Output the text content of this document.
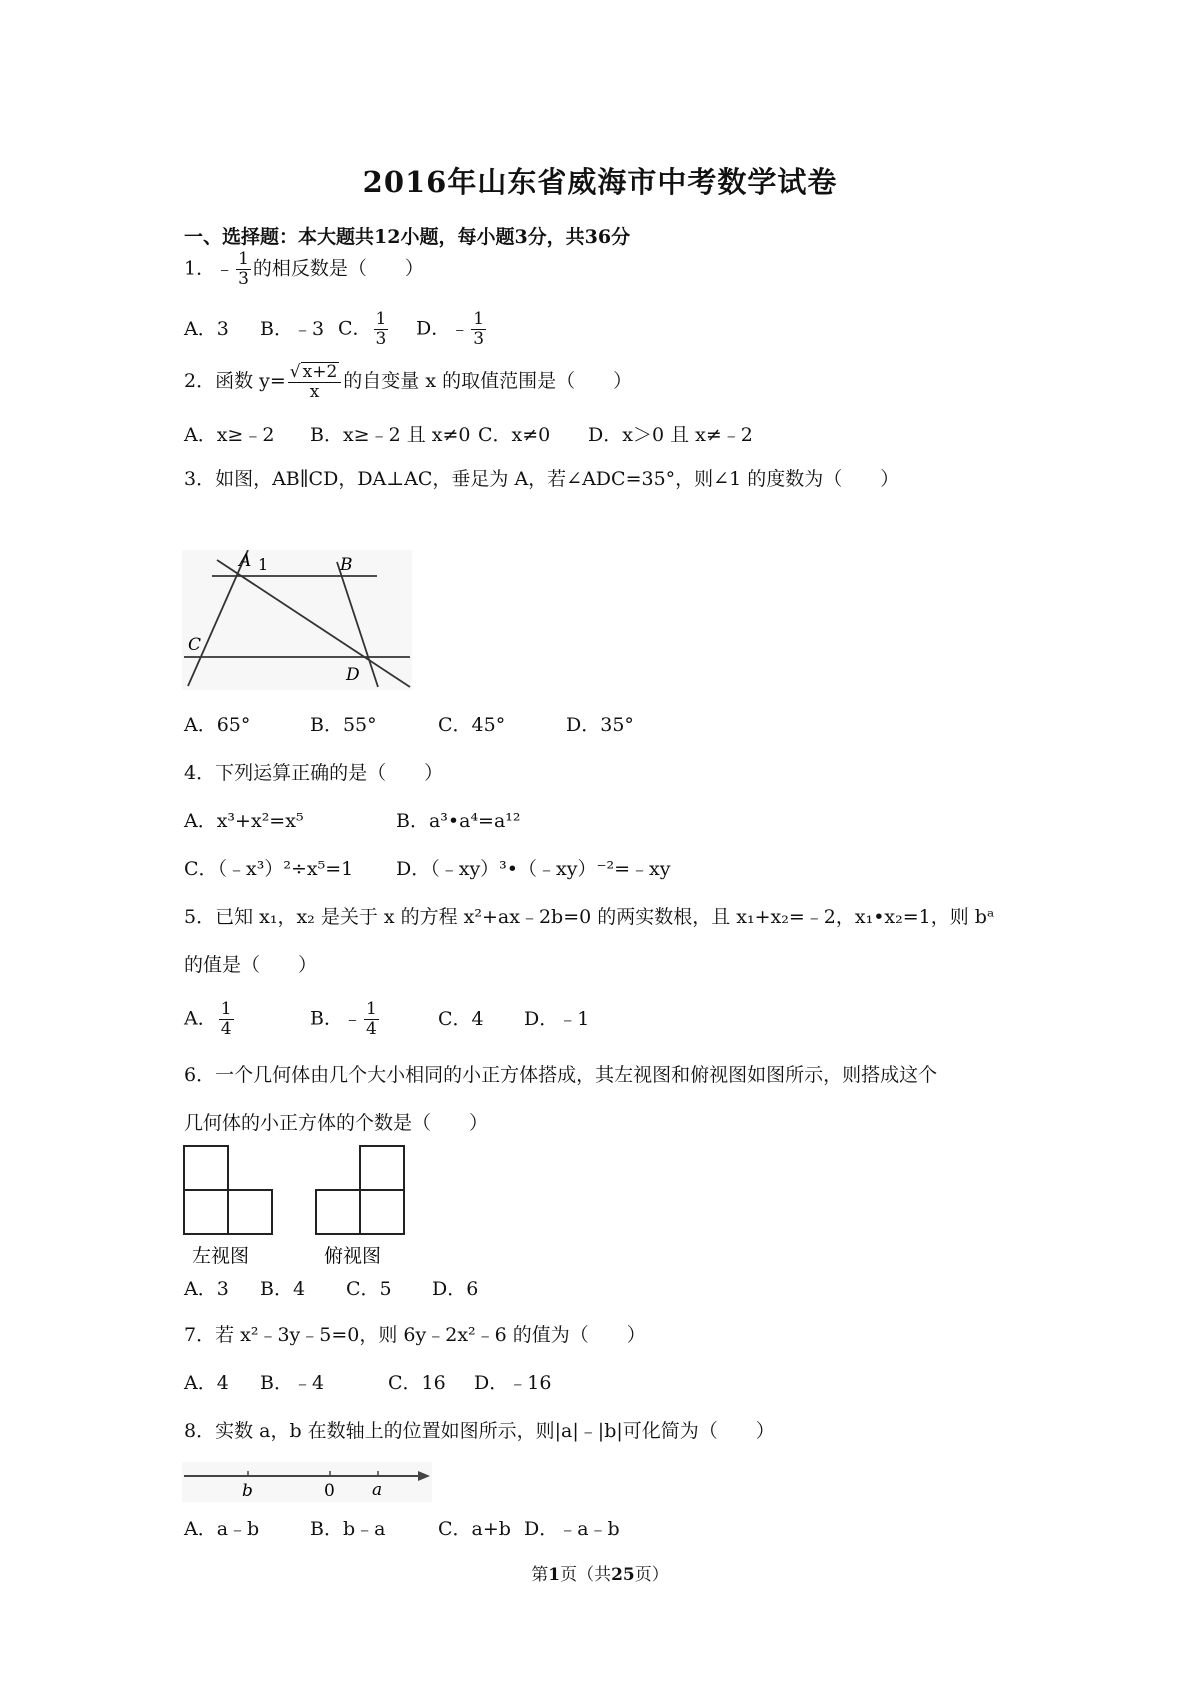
2016年山东省威海市中考数学试卷
一、选择题：本大题共12小题，每小题3分，共36分
1．﹣ $\frac{1}{3}$ 的相反数是（　　）
A．3 B．﹣3 C． $\frac{1}{3}$ D．﹣ $\frac{1}{3}$
2．函数 $y= \frac{√ x+2}{x}$ 的自变量 x 的取值范围是（　　）
A．x≥﹣2 B．x≥﹣2 且 x≠0 C．x≠0 D．x＞0 且 x≠﹣2
3．如图，AB∥CD，DA⊥AC，垂足为 A，若∠ADC=35°，则∠1 的度数为（　　）
A 1	B
C
D
A．65°	B．55°	C．45°	D．35°
4．下列运算正确的是（　　）
A．x³+x²=x⁵	B．a³•a⁴=a¹²
C．（﹣x³）²÷x⁵=1 D．（﹣xy）³•（﹣xy）⁻²=﹣xy
5．已知 x₁，x₂ 是关于 x 的方程 x²+ax﹣2b=0 的两实数根，且 x₁+x₂=﹣2，x₁•x₂=1，则 bᵃ
的值是（　　）
A． $\frac{1}{4}$	B．﹣ $\frac{1}{4}$	C．4 D．﹣1
6．一个几何体由几个大小相同的小正方体搭成，其左视图和俯视图如图所示，则搭成这个
几何体的小正方体的个数是（　　）
左视图	俯视图
A．3 B．4 C．5 D．6
7．若 x²﹣3y﹣5=0，则 6y﹣2x²﹣6 的值为（　　）
A．4 B．﹣4	C．16 D．﹣16
8．实数 a，b 在数轴上的位置如图所示，则|a|﹣|b|可化简为（　　）
b	0 a
A．a﹣b	B．b﹣a	C．a+b D．﹣a﹣b
第1页（共25页）
